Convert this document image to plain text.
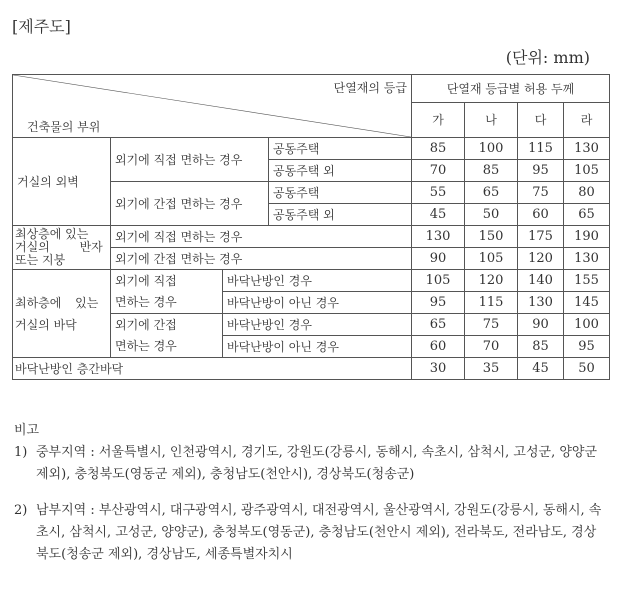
[제주도]
(단위: mm)
단열재의 등급
건축물의 부위				단열재 등급별 허용 두께			
				가	나	다	라
거실의 외벽	외기에 직접 면하는 경우		공동주택	85	100	115	130
			공동주택 외	70	85	95	105
	외기에 간접 면하는 경우		공동주택	55	65	75	80
			공동주택 외	45	50	60	65

최상층에 있는
거실의 반자
또는 지붕	외기에 직접 면하는 경우			130	150	175	190
	외기에 간접 면하는 경우			90	105	120	130

최하층에 있는
거실의 바닥	외기에 직접	바닥난방인 경우		105	120	140	155
	면하는 경우	바닥난방이 아닌 경우		95	115	130	145
	외기에 간접	바닥난방인 경우		65	75	90	100
	면하는 경우	바닥난방이 아닌 경우		60	70	85	95
바닥난방인 층간바닥				30	35	45	50
비고
1) 중부지역 : 서울특별시, 인천광역시, 경기도, 강원도(강릉시, 동해시, 속초시, 삼척시, 고성군, 양양군 제외), 충청북도(영동군 제외), 충청남도(천안시), 경상북도(청송군)
2) 남부지역 : 부산광역시, 대구광역시, 광주광역시, 대전광역시, 울산광역시, 강원도(강릉시, 동해시, 속초시, 삼척시, 고성군, 양양군), 충청북도(영동군), 충청남도(천안시 제외), 전라북도, 전라남도, 경상북도(청송군 제외), 경상남도, 세종특별자치시
